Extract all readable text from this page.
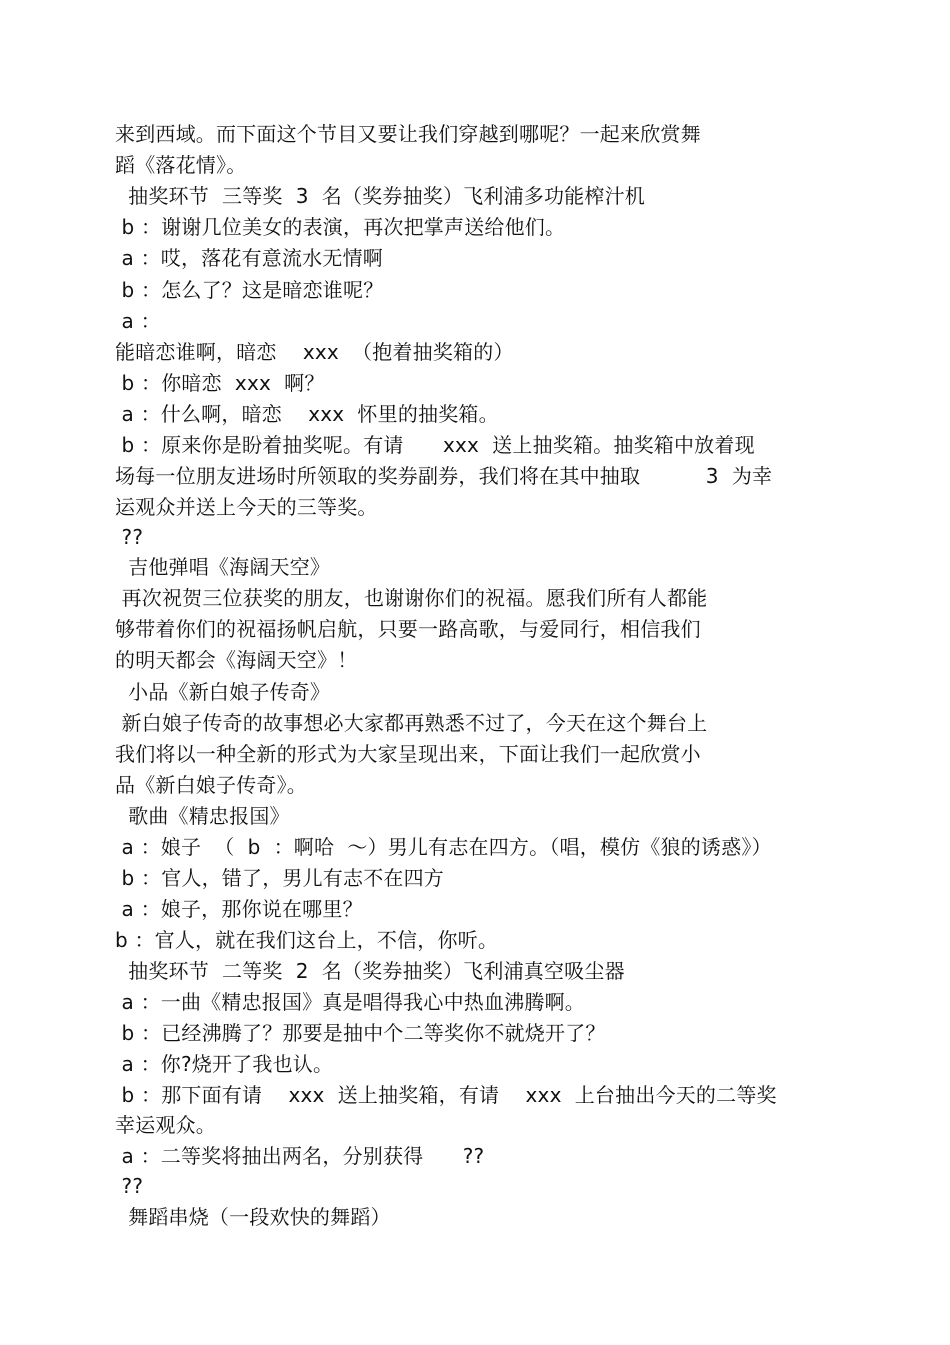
来到西域。而下面这个节目又要让我们穿越到哪呢？一起来欣赏舞
蹈《落花情》。
抽奖环节  三等奖  3  名（奖券抽奖）飞利浦多功能榨汁机
b ：谢谢几位美女的表演，再次把掌声送给他们。
a ：哎，落花有意流水无情啊
b ：怎么了？这是暗恋谁呢？
a ：
能暗恋谁啊，暗恋    xxx  （抱着抽奖箱的）
b ：你暗恋  xxx  啊？
a ：什么啊，暗恋    xxx  怀里的抽奖箱。
b ：原来你是盼着抽奖呢。有请      xxx  送上抽奖箱。抽奖箱中放着现
场每一位朋友进场时所领取的奖券副券，我们将在其中抽取          3  为幸
运观众并送上今天的三等奖。
??
吉他弹唱《海阔天空》
再次祝贺三位获奖的朋友，也谢谢你们的祝福。愿我们所有人都能
够带着你们的祝福扬帆启航，只要一路高歌，与爱同行，相信我们
的明天都会《海阔天空》！
小品《新白娘子传奇》
新白娘子传奇的故事想必大家都再熟悉不过了，今天在这个舞台上
我们将以一种全新的形式为大家呈现出来，下面让我们一起欣赏小
品《新白娘子传奇》。
歌曲《精忠报国》
a ：娘子  （  b  ：啊哈  ～）男儿有志在四方。（唱，模仿《狼的诱惑》）
b ：官人，错了，男儿有志不在四方
a ：娘子，那你说在哪里？
b ：官人，就在我们这台上，不信，你听。
抽奖环节  二等奖  2  名（奖券抽奖）飞利浦真空吸尘器
a ：一曲《精忠报国》真是唱得我心中热血沸腾啊。
b ：已经沸腾了？那要是抽中个二等奖你不就烧开了？
a ：你?烧开了我也认。
b ：那下面有请    xxx  送上抽奖箱，有请    xxx  上台抽出今天的二等奖
幸运观众。
a ：二等奖将抽出两名，分别获得      ??
??
舞蹈串烧（一段欢快的舞蹈）
